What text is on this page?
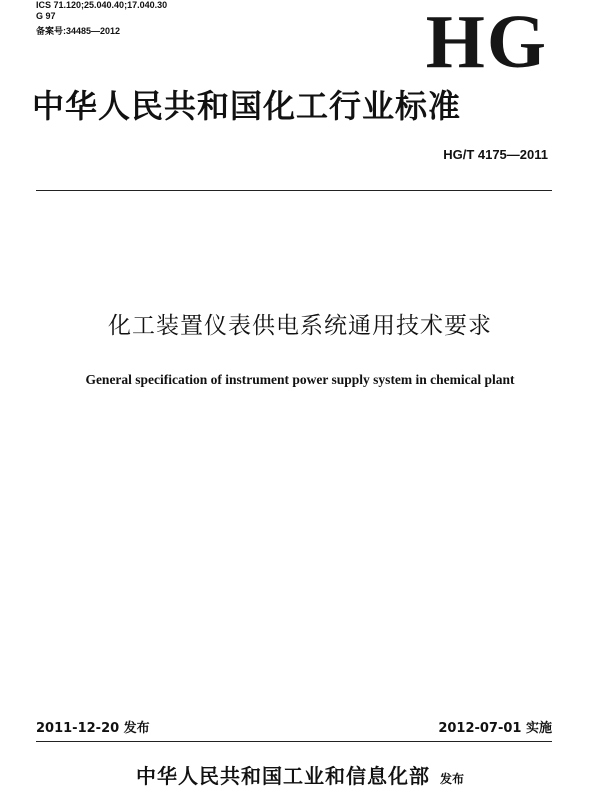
ICS 71.120;25.040.40;17.040.30
G 97
备案号:34485—2012	HG
中华人民共和国化工行业标准
HG/T 4175—2011
化工装置仪表供电系统通用技术要求
General specification of instrument power supply system in chemical plant
2011-12-20 发布	2012-07-01 实施
中华人民共和国工业和信息化部 发布
